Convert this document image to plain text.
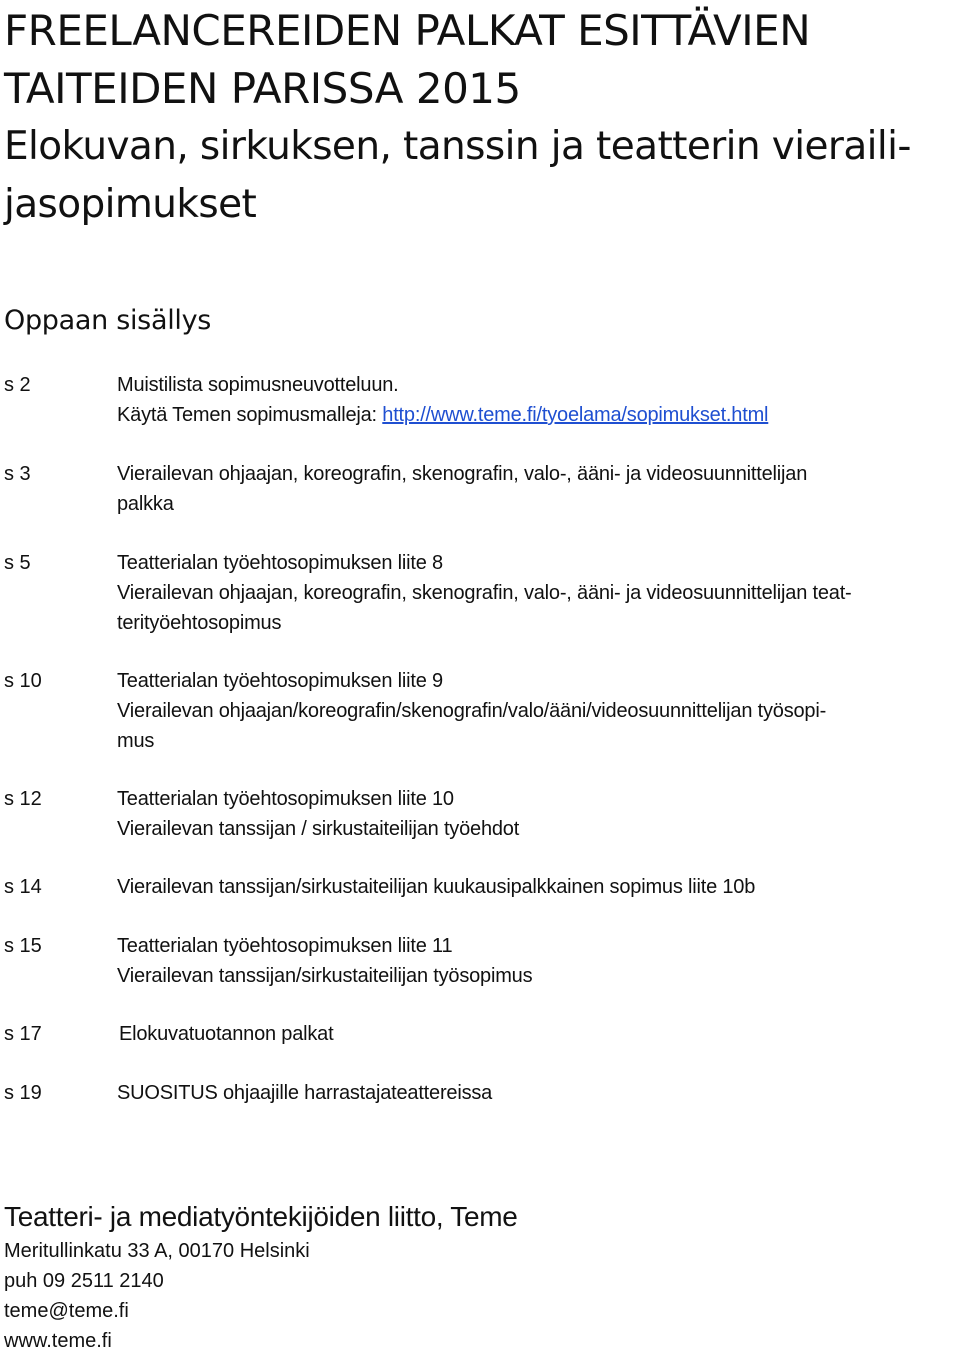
FREELANCEREIDEN PALKAT ESITTÄVIEN
TAITEIDEN PARISSA 2015
Elokuvan, sirkuksen, tanssin ja teatterin vieraili-
jasopimukset
Oppaan sisällys
s 2	Muistilista sopimusneuvotteluun.
Käytä Temen sopimusmalleja: http://www.teme.fi/tyoelama/sopimukset.html
s 3	Vierailevan ohjaajan, koreografin, skenografin, valo-, ääni- ja videosuunnittelijan
palkka
s 5	Teatterialan työehtosopimuksen liite 8
Vierailevan ohjaajan, koreografin, skenografin, valo-, ääni- ja videosuunnittelijan teat-
terityöehtosopimus
s 10	Teatterialan työehtosopimuksen liite 9
Vierailevan ohjaajan/koreografin/skenografin/valo/ääni/videosuunnittelijan työsopi-
mus
s 12	Teatterialan työehtosopimuksen liite 10
Vierailevan tanssijan / sirkustaiteilijan työehdot
s 14	Vierailevan tanssijan/sirkustaiteilijan kuukausipalkkainen sopimus liite 10b
s 15	Teatterialan työehtosopimuksen liite 11
Vierailevan tanssijan/sirkustaiteilijan työsopimus
s 17	Elokuvatuotannon palkat
s 19	SUOSITUS ohjaajille harrastajateattereissa
Teatteri- ja mediatyöntekijöiden liitto, Teme
Meritullinkatu 33 A, 00170 Helsinki
puh 09 2511 2140
teme@teme.fi
www.teme.fi
